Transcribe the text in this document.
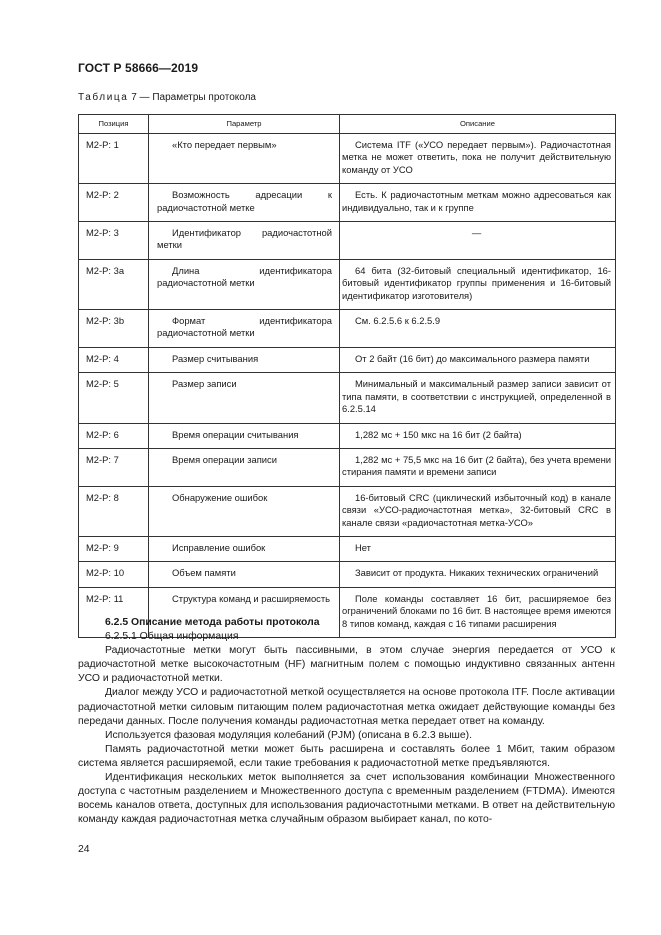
ГОСТ Р 58666—2019
Таблица 7 — Параметры протокола
Позиция	Параметр	Описание
M2-P: 1	«Кто передает первым»	Система ITF («УСО передает первым»). Радиочастотная метка не может ответить, пока не получит действительную команду от УСО
M2-P: 2	Возможность адресации к радиочастотной метке	Есть. К радиочастотным меткам можно адресоваться как индивидуально, так и к группе
M2-P: 3	Идентификатор радиочастотной метки	—
M2-P: 3a	Длина идентификатора радиочастотной метки	64 бита (32-битовый специальный идентификатор, 16-битовый идентификатор группы применения и 16-битовый идентификатор изготовителя)
M2-P: 3b	Формат идентификатора радиочастотной метки	См. 6.2.5.6 к 6.2.5.9
M2-P: 4	Размер считывания	От 2 байт (16 бит) до максимального размера памяти
M2-P: 5	Размер записи	Минимальный и максимальный размер записи зависит от типа памяти, в соответствии с инструкцией, определенной в 6.2.5.14
M2-P: 6	Время операции считывания	1,282 мс + 150 мкс на 16 бит (2 байта)
M2-P: 7	Время операции записи	1,282 мс + 75,5 мкс на 16 бит (2 байта), без учета времени стирания памяти и времени записи
M2-P: 8	Обнаружение ошибок	16-битовый CRC (циклический избыточный код) в канале связи «УСО-радиочастотная метка», 32-битовый CRC в канале связи «радиочастотная метка-УСО»
M2-P: 9	Исправление ошибок	Нет
M2-P: 10	Объем памяти	Зависит от продукта. Никаких технических ограничений
M2-P: 11	Структура команд и расширяемость	Поле команды составляет 16 бит, расширяемое без ограничений блоками по 16 бит. В настоящее время имеются 8 типов команд, каждая с 16 типами расширения

6.2.5 Описание метода работы протокола

6.2.5.1 Общая информация

Радиочастотные метки могут быть пассивными, в этом случае энергия передается от УСО к радиочастотной метке высокочастотным (HF) магнитным полем с помощью индуктивно связанных антенн УСО и радиочастотной метки.

Диалог между УСО и радиочастотной меткой осуществляется на основе протокола ITF. После активации радиочастотной метки силовым питающим полем радиочастотная метка ожидает действующие команды без передачи данных. После получения команды радиочастотная метка передает ответ на команду.

Используется фазовая модуляция колебаний (PJM) (описана в 6.2.3 выше).

Память радиочастотной метки может быть расширена и составлять более 1 Мбит, таким образом система является расширяемой, если такие требования к радиочастотной метке предъявляются.

Идентификация нескольких меток выполняется за счет использования комбинации Множественного доступа с частотным разделением и Множественного доступа с временным разделением (FTDMA). Имеются восемь каналов ответа, доступных для использования радиочастотными метками. В ответ на действительную команду каждая радиочастотная метка случайным образом выбирает канал, по кото-

24
